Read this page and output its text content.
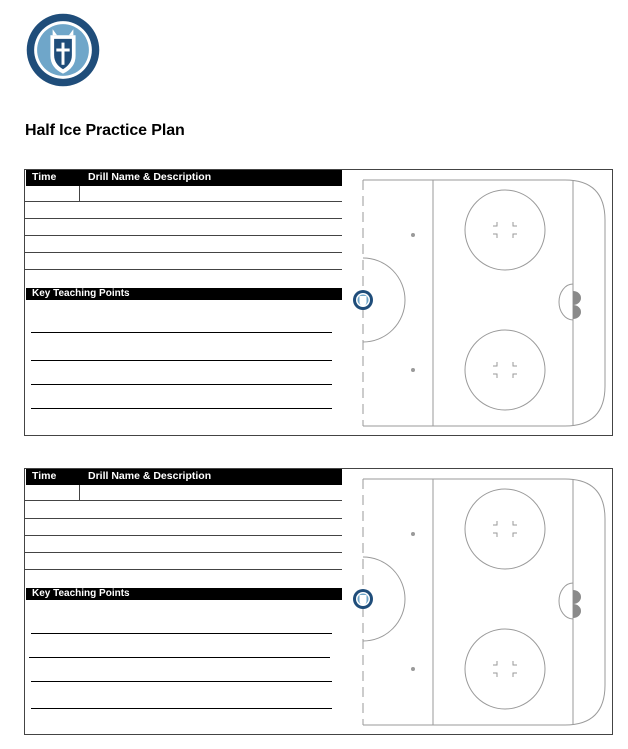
Half Ice Practice Plan
Time	Drill Name & Description
Key Teaching Points
Time	Drill Name & Description
Key Teaching Points
